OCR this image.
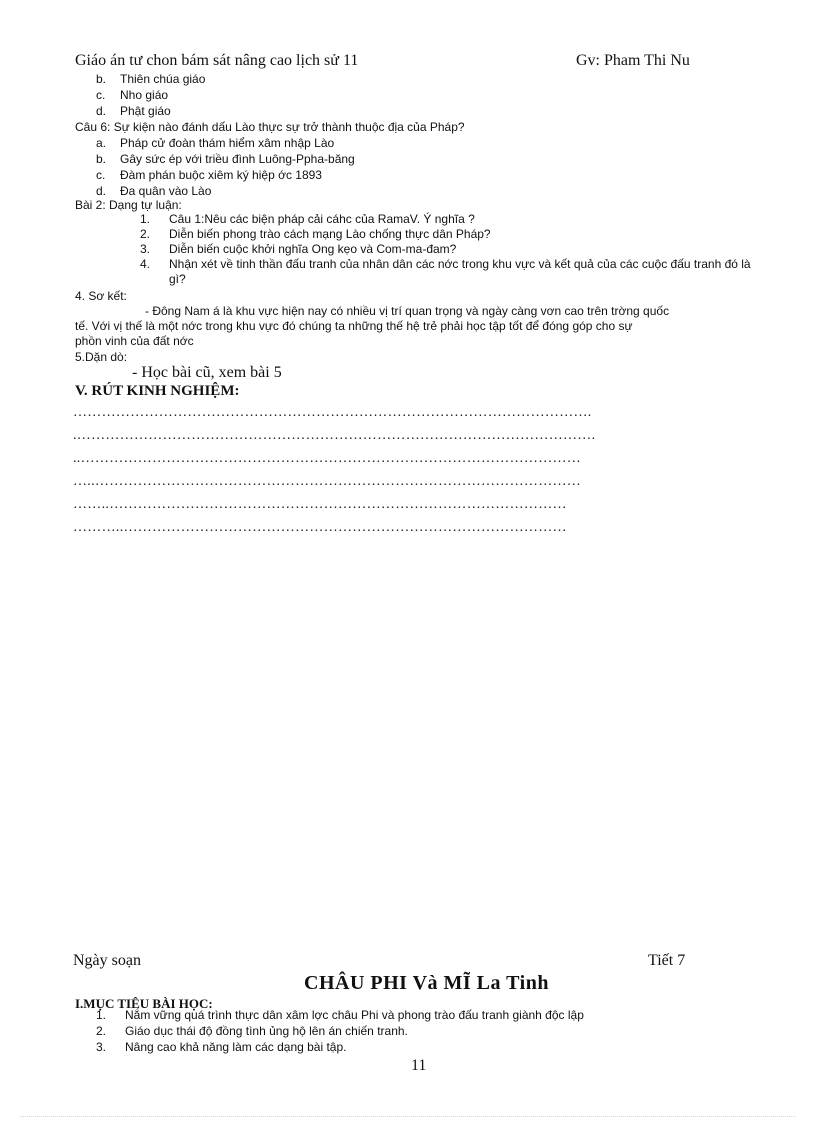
Giáo án tư chon bám sát nâng cao lịch sử 11	Gv: Pham Thi Nu
b. Thiên chúa giáo
c. Nho giáo
d. Phật giáo
Câu 6: Sự kiện nào đánh dấu Lào thực sự trở thành thuộc địa của Pháp?
a. Pháp cử đoàn thám hiểm xâm nhập Lào
b. Gây sức ép với triều đình Luông-Ppha-băng
c. Đàm phán buộc xiêm ký hiệp ớc 1893
d. Đa quân vào Lào
Bài 2: Dạng tự luận:
1.	Câu 1:Nêu các biện pháp cải cáhc của RamaV. Ý nghĩa ?
2.	Diễn biến phong trào cách mạng Lào chống thực dân Pháp?
3.	Diễn biến cuộc khởi nghĩa Ong kẹo và Com-ma-đam?
4.	Nhận xét về tinh thần đấu tranh của nhân dân các nớc trong khu vực và kết quả của các cuộc đấu tranh đó là gì?
4. Sơ kết:
- Đông Nam á là khu vực hiện nay có nhiều vị trí quan trọng và ngày càng vơn cao trên trờng quốc
tế. Với vị thế là một nớc trong khu vực đó chúng ta những thế hệ trẻ phải học tập tốt để đóng góp cho sự
phồn vinh của đất nớc
5.Dặn dò:
- Học bài cũ, xem bài 5
V. RÚT KINH NGHIỆM:
……………………………………………………………………………………………….
.……………………………………………………………………………………………….
..……………………………………………………………………………………………
…..…………………………………………………………………………………………
……..……………………………………………………………………………………
………..…………………………………………………………………………………
Ngày soạn	Tiết 7
CHÂU PHI Và MĨ La Tinh
I.MỤC TIÊU BÀI HỌC:
1.	Nắm vững quá trình thực dân xâm lợc châu Phi và phong trào đấu tranh giành độc lập
2.	Giáo dục thái độ đồng tình ủng hộ lên án chiến tranh.
3.	Nâng cao khả năng làm các dạng bài tập.
11
